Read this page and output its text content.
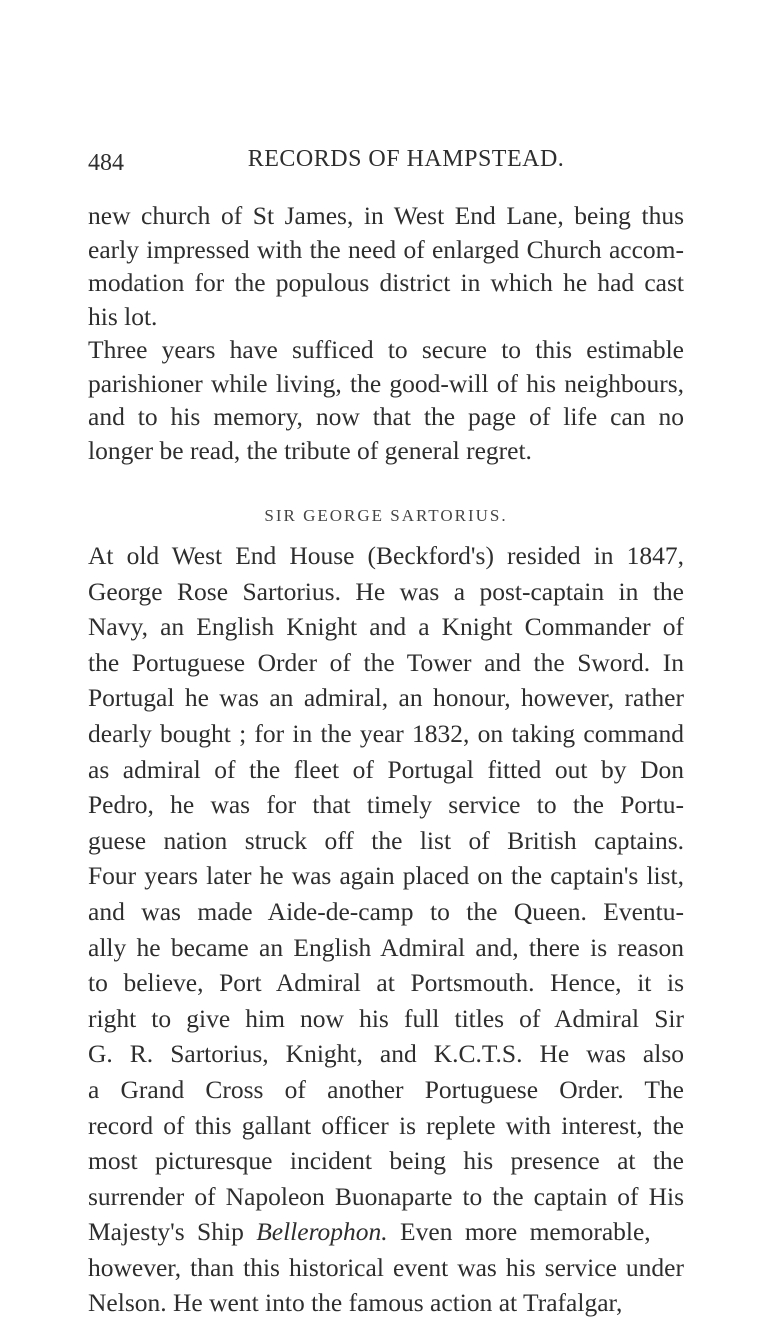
484	RECORDS OF HAMPSTEAD.
new church of St James, in West End Lane, being thus
early impressed with the need of enlarged Church accom-
modation for the populous district in which he had cast
his lot.
Three years have sufficed to secure to this estimable
parishioner while living, the good-will of his neighbours,
and to his memory, now that the page of life can no
longer be read, the tribute of general regret.
SIR GEORGE SARTORIUS.
At old West End House (Beckford's) resided in 1847,
George Rose Sartorius. He was a post-captain in the
Navy, an English Knight and a Knight Commander of
the Portuguese Order of the Tower and the Sword. In
Portugal he was an admiral, an honour, however, rather
dearly bought ; for in the year 1832, on taking command
as admiral of the fleet of Portugal fitted out by Don
Pedro, he was for that timely service to the Portu-
guese nation struck off the list of British captains.
Four years later he was again placed on the captain's list,
and was made Aide-de-camp to the Queen. Eventu-
ally he became an English Admiral and, there is reason
to believe, Port Admiral at Portsmouth. Hence, it is
right to give him now his full titles of Admiral Sir
G. R. Sartorius, Knight, and K.C.T.S. He was also
a Grand Cross of another Portuguese Order. The
record of this gallant officer is replete with interest, the
most picturesque incident being his presence at the
surrender of Napoleon Buonaparte to the captain of His
Majesty's Ship Bellerophon. Even more memorable,
however, than this historical event was his service under
Nelson. He went into the famous action at Trafalgar,
